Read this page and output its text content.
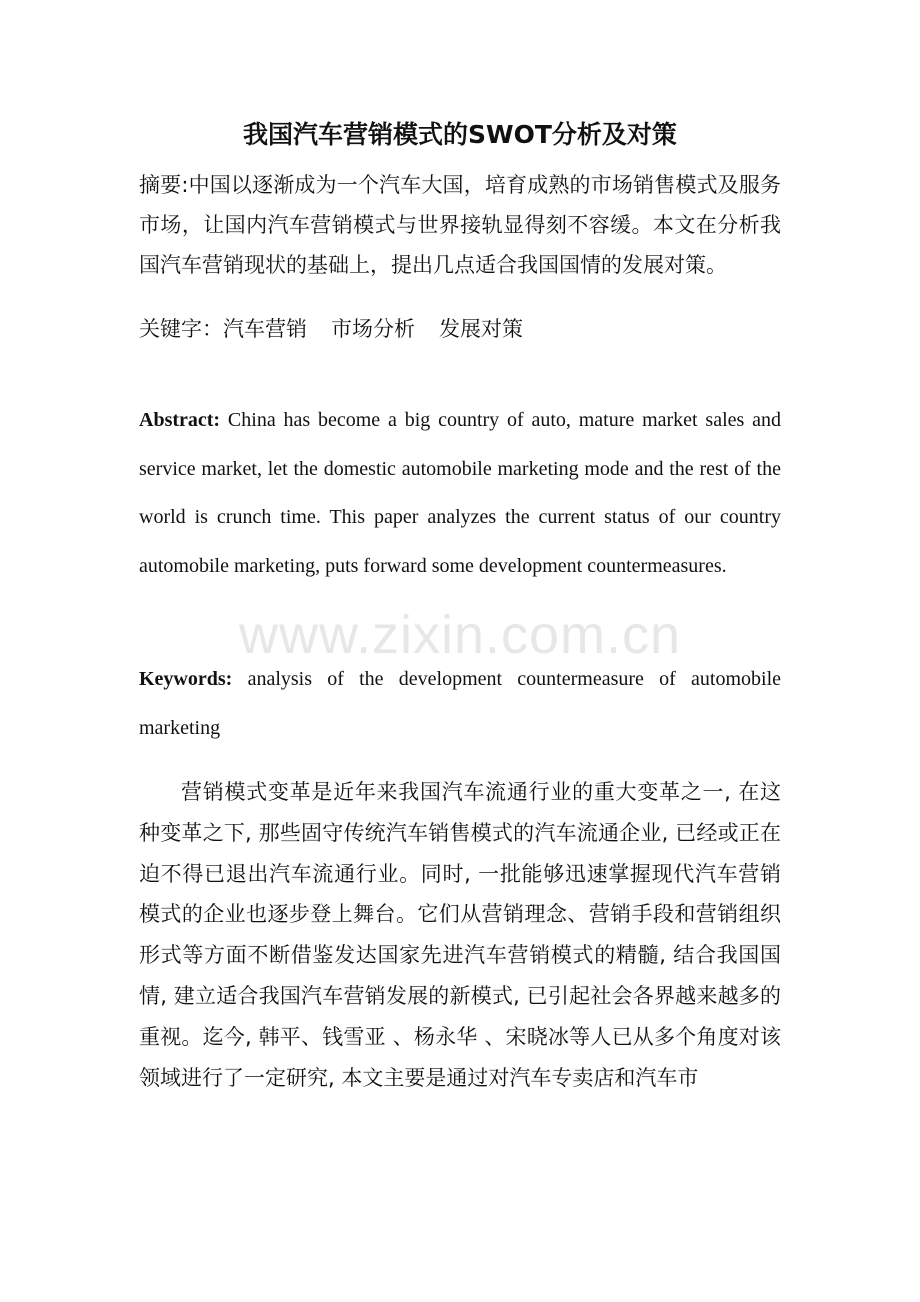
我国汽车营销模式的SWOT分析及对策
摘要:中国以逐渐成为一个汽车大国，培育成熟的市场销售模式及服务市场，让国内汽车营销模式与世界接轨显得刻不容缓。本文在分析我国汽车营销现状的基础上，提出几点适合我国国情的发展对策。
关键字：汽车营销 市场分析 发展对策
Abstract: China has become a big country of auto, mature market sales and service market, let the domestic automobile marketing mode and the rest of the world is crunch time. This paper analyzes the current status of our country automobile marketing, puts forward some development countermeasures.
Keywords: analysis of the development countermeasure of automobile marketing
营销模式变革是近年来我国汽车流通行业的重大变革之一, 在这种变革之下, 那些固守传统汽车销售模式的汽车流通企业, 已经或正在迫不得已退出汽车流通行业。同时, 一批能够迅速掌握现代汽车营销模式的企业也逐步登上舞台。它们从营销理念、营销手段和营销组织形式等方面不断借鉴发达国家先进汽车营销模式的精髓, 结合我国国情, 建立适合我国汽车营销发展的新模式, 已引起社会各界越来越多的重视。迄今, 韩平、钱雪亚 、杨永华 、宋晓冰等人已从多个角度对该领域进行了一定研究, 本文主要是通过对汽车专卖店和汽车市
www.zixin.com.cn
